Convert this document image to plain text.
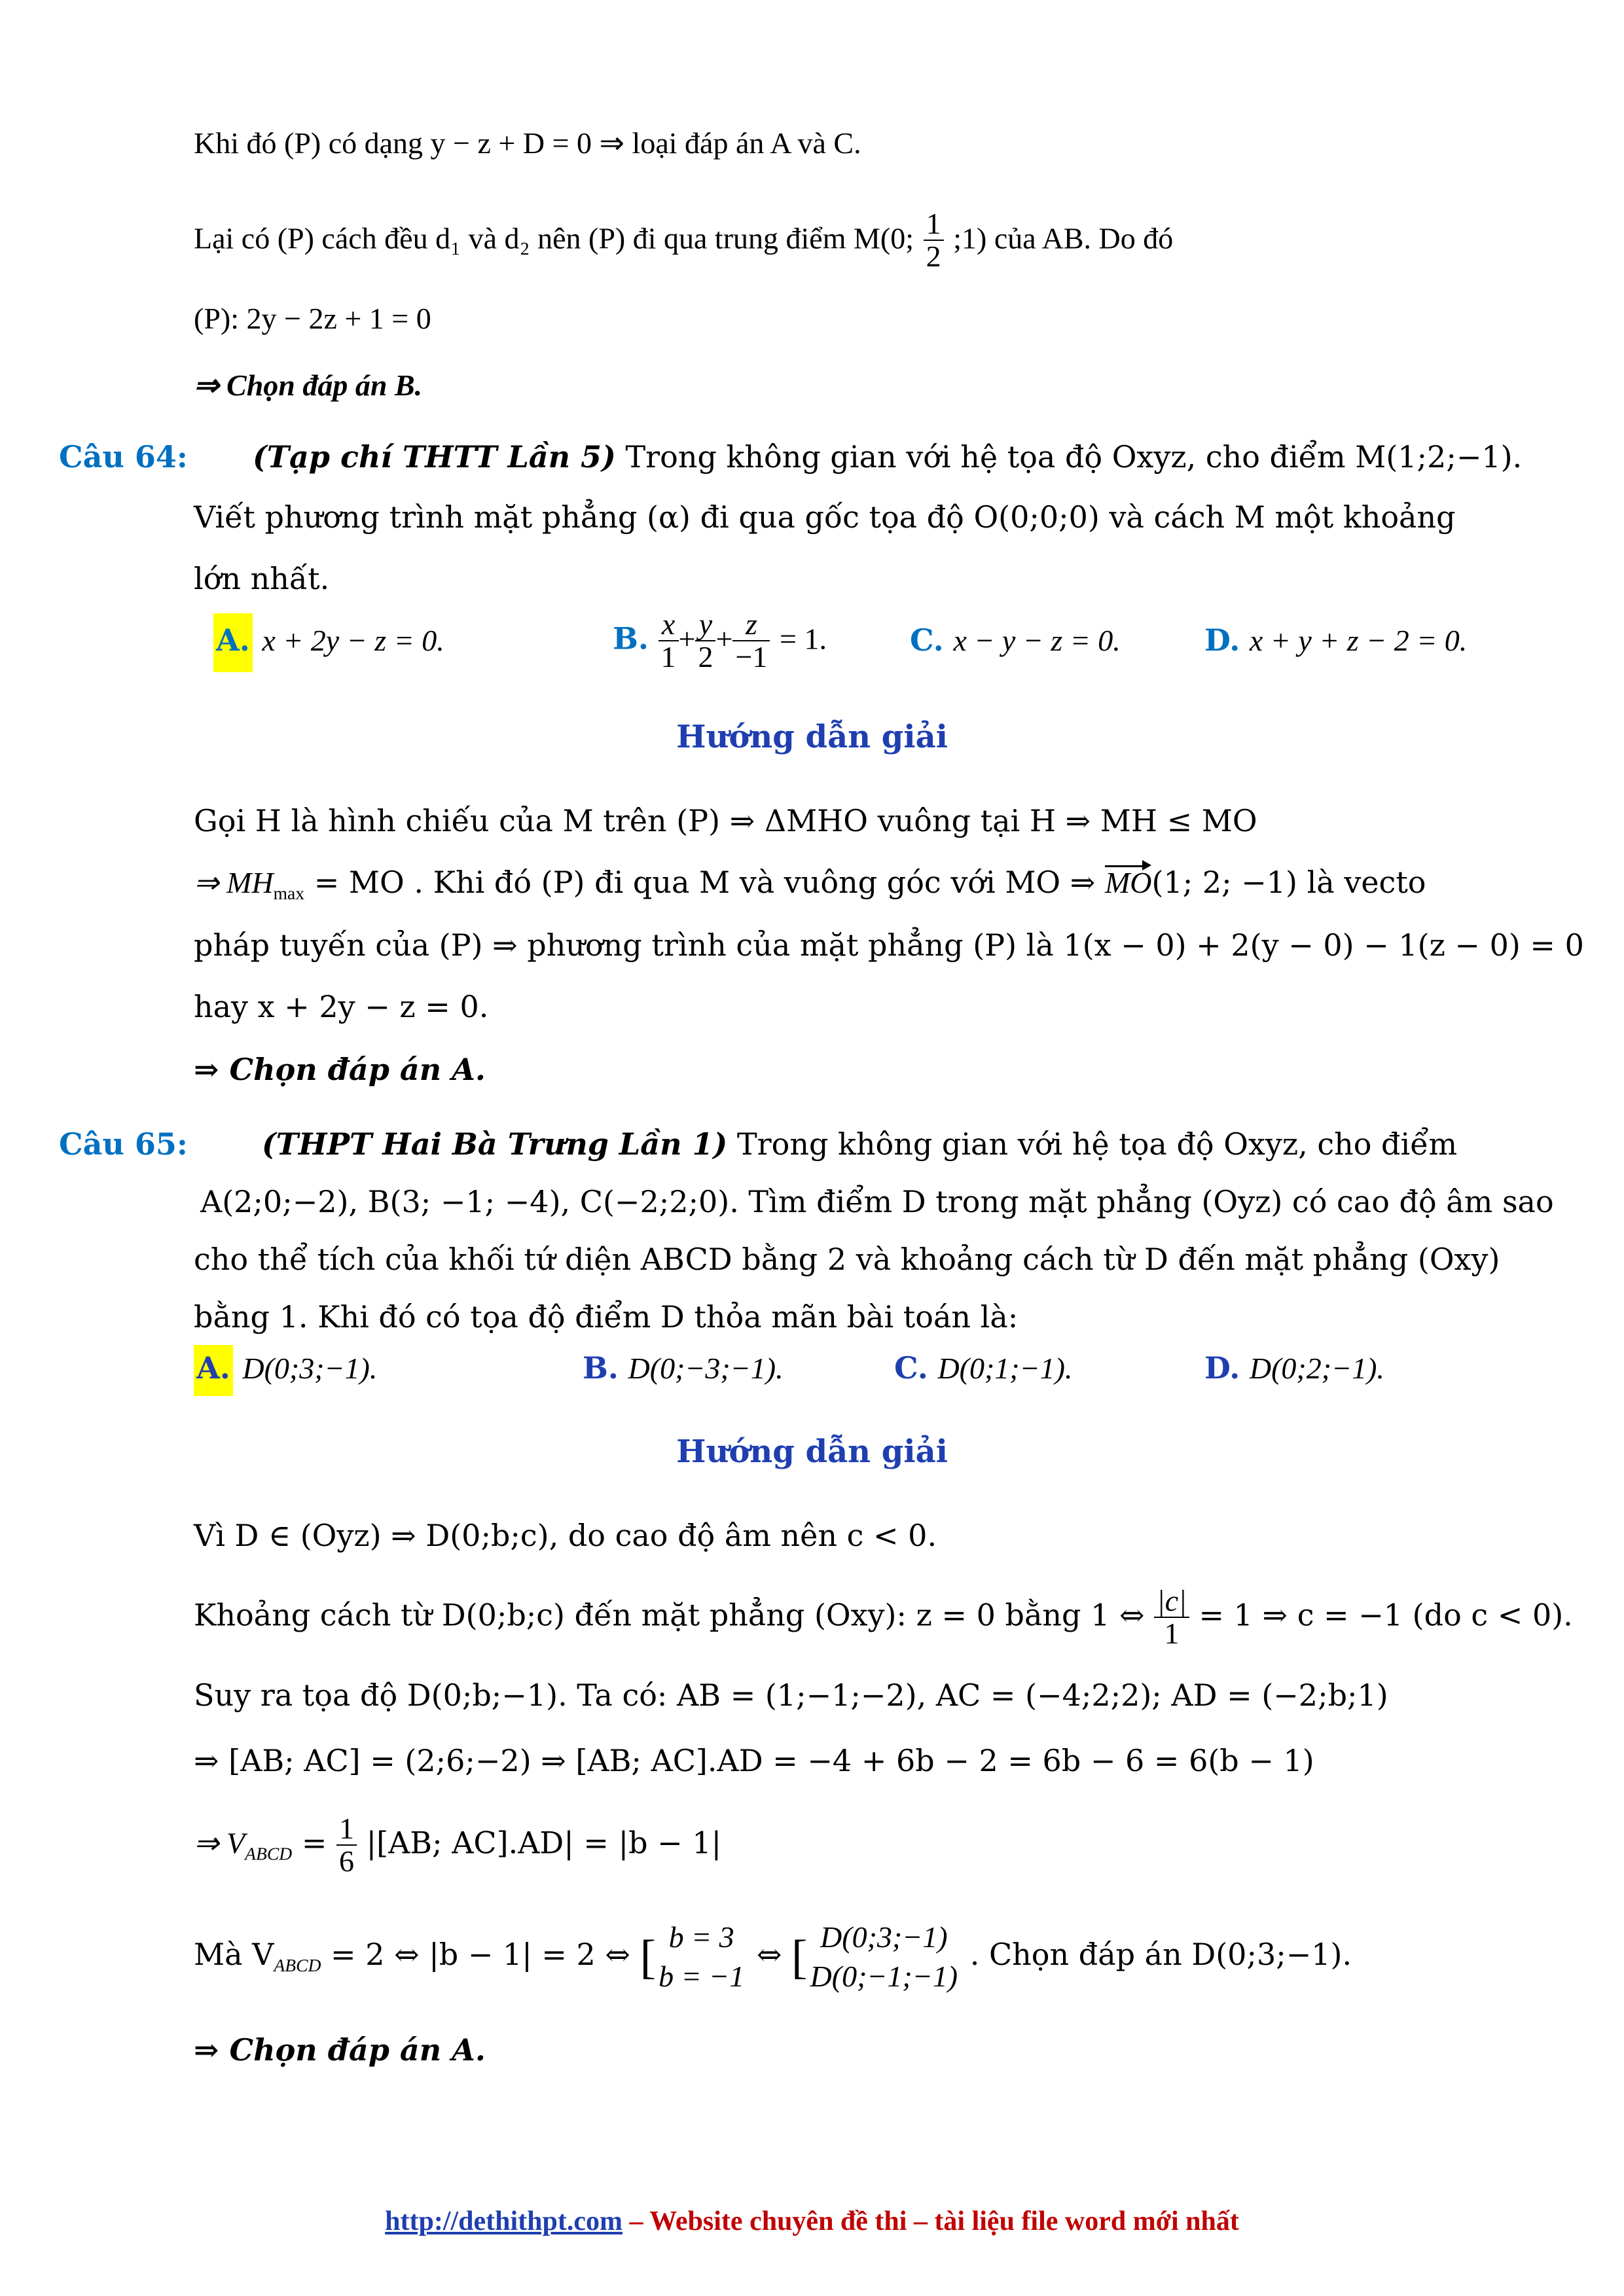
Khi đó (P) có dạng y − z + D = 0 ⇒ loại đáp án A và C.
Lại có (P) cách đều d₁ và d₂ nên (P) đi qua trung điểm M(0; $\frac{1}{2}$ ;1) của AB. Do đó
(P): 2y − 2z + 1 = 0
⇒ Chọn đáp án B.
Câu 64: (Tạp chí THTT Lần 5) Trong không gian với hệ tọa độ Oxyz, cho điểm M(1;2;−1).
Viết phương trình mặt phẳng (α) đi qua gốc tọa độ O(0;0;0) và cách M một khoảng
lớn nhất.
A. x + 2y − z = 0.	B. $\frac{x}{1} + \frac{y}{2} + \frac{z}{-1} = 1$.	C. x − y − z = 0.	D. x + y + z − 2 = 0.
Hướng dẫn giải
Gọi H là hình chiếu của M trên (P) ⇒ ΔMHO vuông tại H ⇒ MH ≤ MO
⇒ $MH_{max}$ = MO . Khi đó (P) đi qua M và vuông góc với MO ⇒ MO(1; 2; −1) là vecto
pháp tuyến của (P) ⇒ phương trình của mặt phẳng (P) là 1(x − 0) + 2(y − 0) − 1(z − 0) = 0
hay x + 2y − z = 0.
⇒ Chọn đáp án A.
Câu 65: (THPT Hai Bà Trưng Lần 1) Trong không gian với hệ tọa độ Oxyz, cho điểm
A(2;0;−2), B(3; −1; −4), C(−2;2;0). Tìm điểm D trong mặt phẳng (Oyz) có cao độ âm sao
cho thể tích của khối tứ diện ABCD bằng 2 và khoảng cách từ D đến mặt phẳng (Oxy)
bằng 1. Khi đó có tọa độ điểm D thỏa mãn bài toán là:
A. D(0;3;−1).	B. D(0;−3;−1).	C. D(0;1;−1).	D. D(0;2;−1).
Hướng dẫn giải
Vì D ∈ (Oyz) ⇒ D(0;b;c), do cao độ âm nên c < 0.
Khoảng cách từ D(0;b;c) đến mặt phẳng (Oxy): z = 0 bằng 1 ⇔ $\frac{|c|}{1} = 1$ ⇒ c = −1 (do c < 0).
Suy ra tọa độ D(0;b;−1). Ta có: AB = (1;−1;−2), AC = (−4;2;2); AD = (−2;b;1)
⇒ [AB; AC] = (2;6;−2) ⇒ [AB; AC].AD = −4 + 6b − 2 = 6b − 6 = 6(b − 1)
⇒ $V_{ABCD} = \frac{1}{6} |[AB$; AC].AD| = |b − 1|
Mà $V_{ABCD} = 2$ ⇔ |b − 1| = 2 ⇔ [ b = 3
b = −1
⇔ [ D(0;3;−1)
D(0;−1;−1)
. Chọn đáp án D(0;3;−1).
⇒ Chọn đáp án A.
http://dethithpt.com – Website chuyên đề thi – tài liệu file word mới nhất
